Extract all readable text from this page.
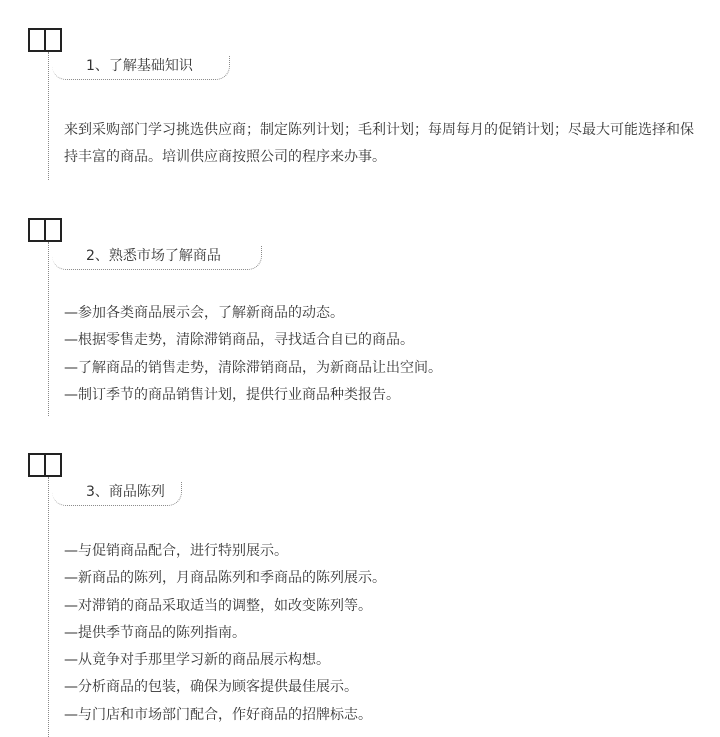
1、了解基础知识

来到采购部门学习挑选供应商；制定陈列计划；毛利计划；每周每月的促销计划；尽最大可能选择和保持丰富的商品。培训供应商按照公司的程序来办事。

2、熟悉市场了解商品
—参加各类商品展示会，了解新商品的动态。
—根据零售走势，清除滞销商品，寻找适合自已的商品。
—了解商品的销售走势，清除滞销商品，为新商品让出空间。
—制订季节的商品销售计划，提供行业商品种类报告。
3、商品陈列
—与促销商品配合，进行特别展示。
—新商品的陈列，月商品陈列和季商品的陈列展示。
—对滞销的商品采取适当的调整，如改变陈列等。
—提供季节商品的陈列指南。
—从竟争对手那里学习新的商品展示构想。
—分析商品的包装，确保为顾客提供最佳展示。
—与门店和市场部门配合，作好商品的招牌标志。
